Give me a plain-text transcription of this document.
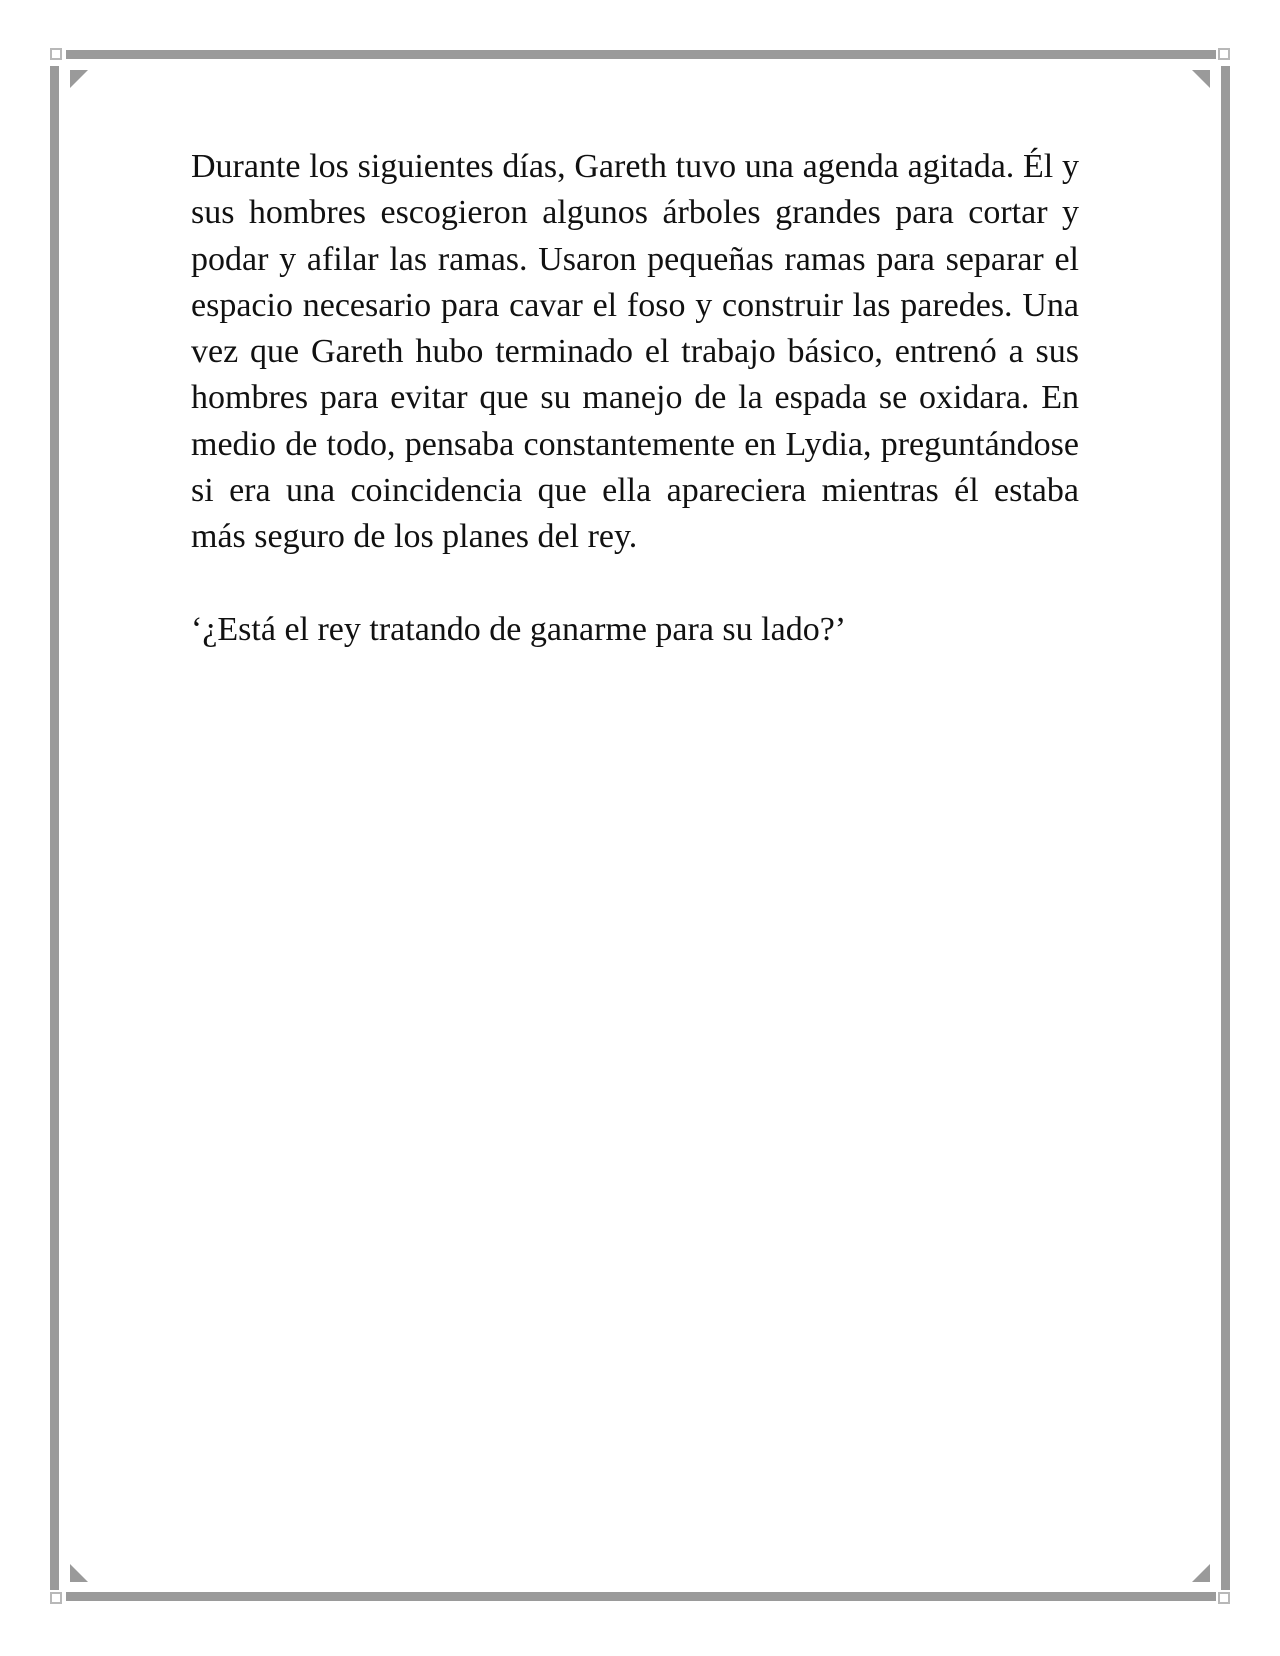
Durante los siguientes días, Gareth tuvo una agenda agitada. Él y sus hombres escogieron algunos árboles grandes para cortar y podar y afilar las ramas. Usaron pequeñas ramas para separar el espacio necesario para cavar el foso y construir las paredes. Una vez que Gareth hubo terminado el trabajo básico, entrenó a sus hombres para evitar que su manejo de la espada se oxidara. En medio de todo, pensaba constantemente en Lydia, preguntándose si era una coincidencia que ella apareciera mientras él estaba más seguro de los planes del rey.

‘¿Está el rey tratando de ganarme para su lado?’
